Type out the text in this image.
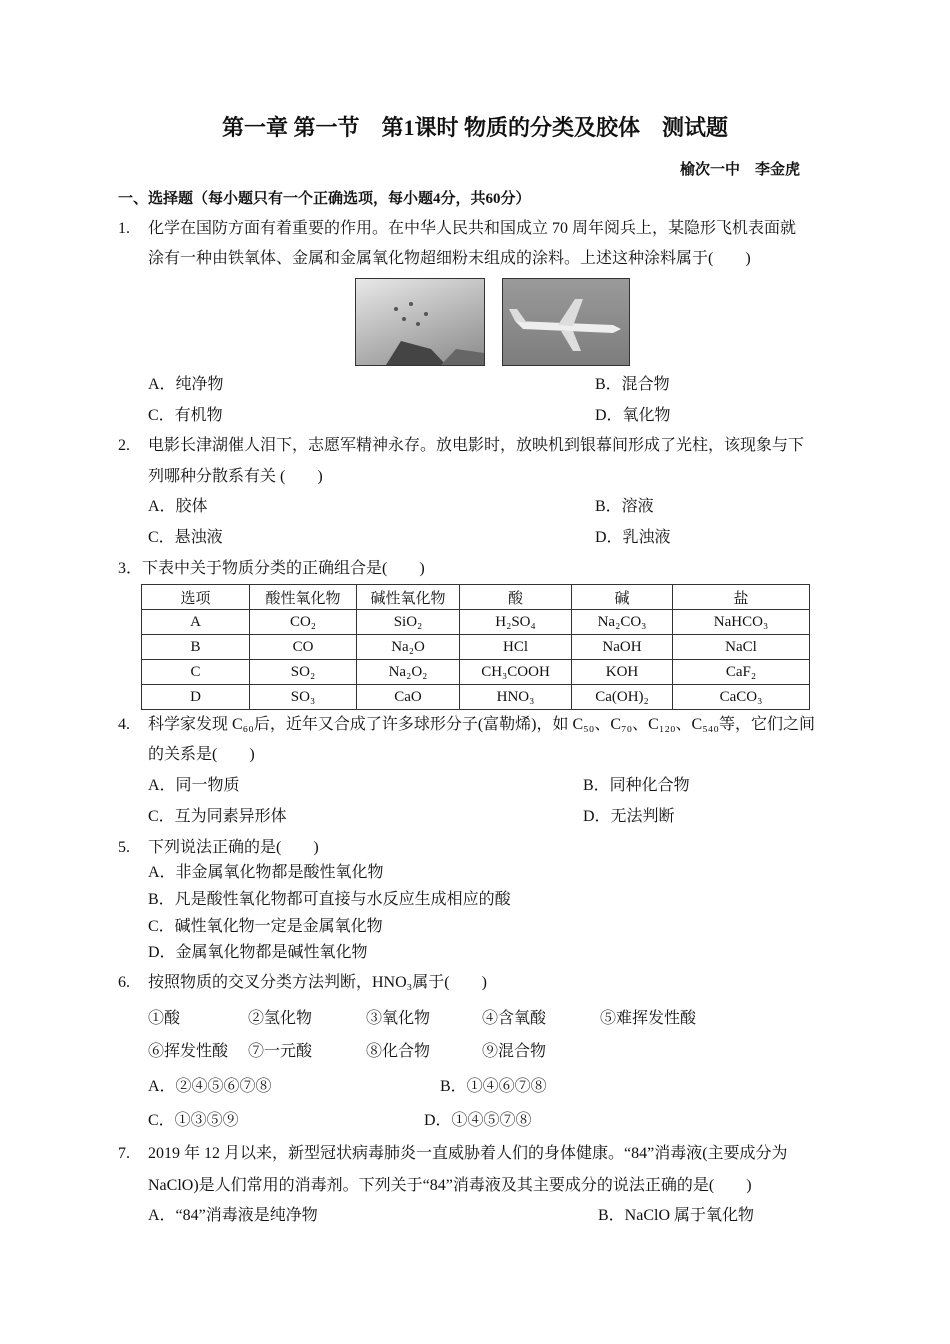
第一章 第一节　第1课时 物质的分类及胶体　测试题
榆次一中　李金虎
一、选择题（每小题只有一个正确选项，每小题4分，共60分）
1. 化学在国防方面有着重要的作用。在中华人民共和国成立 70 周年阅兵上，某隐形飞机表面就
涂有一种由铁氧体、金属和金属氧化物超细粉末组成的涂料。上述这种涂料属于(　　)
A．纯净物	B．混合物
C．有机物	D．氧化物
2. 电影长津湖催人泪下，志愿军精神永存。放电影时，放映机到银幕间形成了光柱，该现象与下
列哪种分散系有关 (　　)
A．胶体	B．溶液
C．悬浊液	D．乳浊液
3．下表中关于物质分类的正确组合是(　　)
选项	酸性氧化物	碱性氧化物	酸	碱	盐
A	CO₂	SiO₂	H₂SO₄	Na₂CO₃	NaHCO₃
B	CO	Na₂O	HCl	NaOH	NaCl
C	SO₂	Na₂O₂	CH₃COOH	KOH	CaF₂
D	SO₃	CaO	HNO₃	Ca(OH)₂	CaCO₃
4. 科学家发现 C₆₀后，近年又合成了许多球形分子(富勒烯)，如 C₅₀、C₇₀、C₁₂₀、C₅₄₀等，它们之间
的关系是(　　)
A．同一物质	B．同种化合物
C．互为同素异形体	D．无法判断
5. 下列说法正确的是(　　)
A．非金属氧化物都是酸性氧化物
B．凡是酸性氧化物都可直接与水反应生成相应的酸
C．碱性氧化物一定是金属氧化物
D．金属氧化物都是碱性氧化物
6. 按照物质的交叉分类方法判断，HNO₃属于(　　)
①酸	②氢化物	③氧化物	④含氧酸	⑤难挥发性酸
⑥挥发性酸 ⑦一元酸	⑧化合物	⑨混合物
A．②④⑤⑥⑦⑧	B．①④⑥⑦⑧
C．①③⑤⑨	D．①④⑤⑦⑧
7. 2019 年 12 月以来，新型冠状病毒肺炎一直威胁着人们的身体健康。“84”消毒液(主要成分为
NaClO)是人们常用的消毒剂。下列关于“84”消毒液及其主要成分的说法正确的是(　　)
A．“84”消毒液是纯净物	B．NaClO 属于氧化物
